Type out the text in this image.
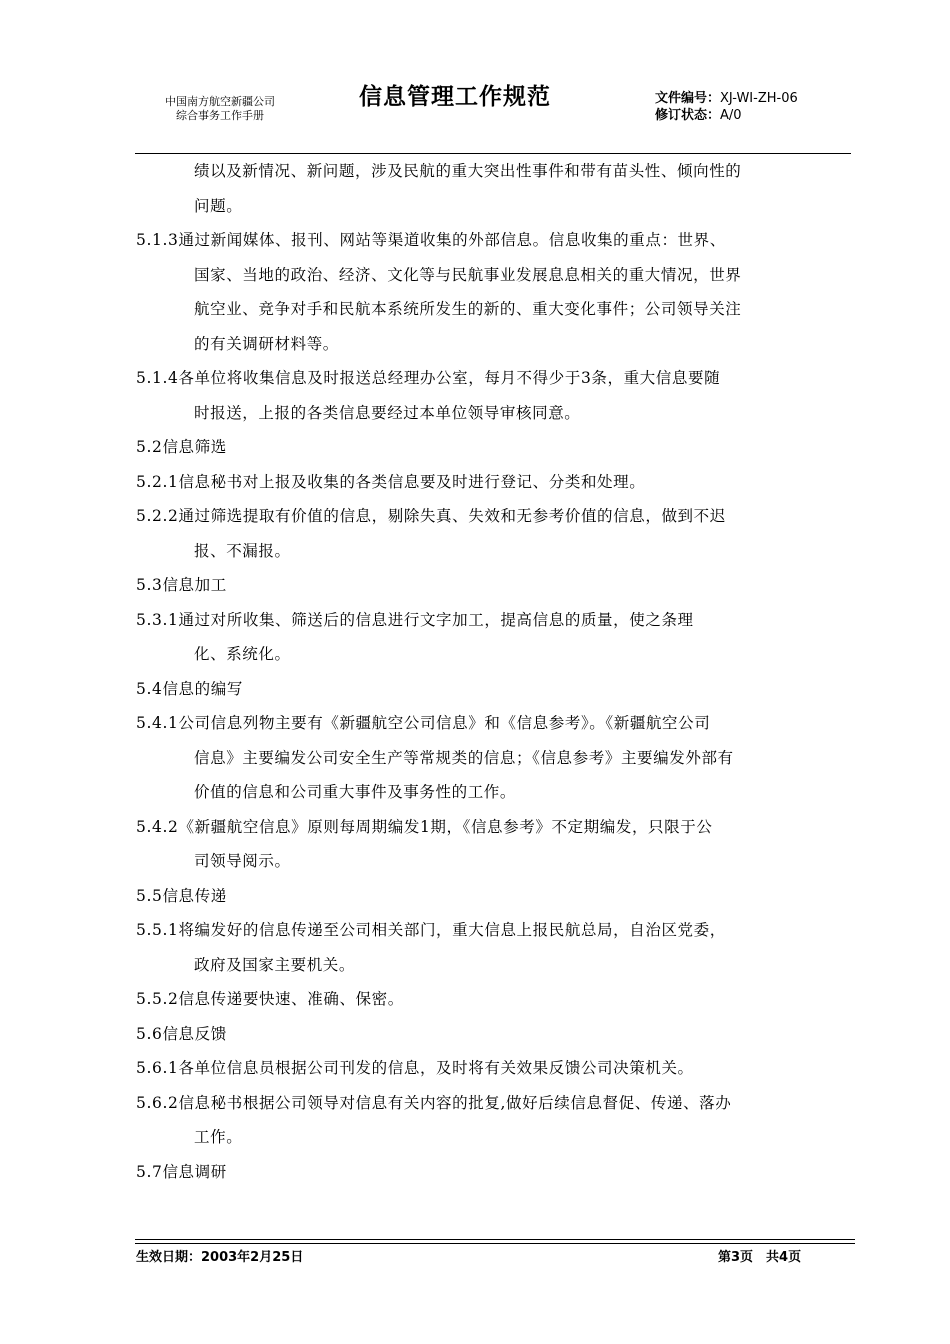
中国南方航空新疆公司
综合事务工作手册
信息管理工作规范	文件编号：XJ-WI-ZH-06
修订状态：A/0
绩以及新情况、新问题，涉及民航的重大突出性事件和带有苗头性、倾向性的
问题。
5.1.3通过新闻媒体、报刊、网站等渠道收集的外部信息。信息收集的重点：世界、
国家、当地的政治、经济、文化等与民航事业发展息息相关的重大情况，世界
航空业、竞争对手和民航本系统所发生的新的、重大变化事件；公司领导关注
的有关调研材料等。
5.1.4各单位将收集信息及时报送总经理办公室，每月不得少于3条，重大信息要随
时报送，上报的各类信息要经过本单位领导审核同意。
5.2信息筛选
5.2.1信息秘书对上报及收集的各类信息要及时进行登记、分类和处理。
5.2.2通过筛选提取有价值的信息，剔除失真、失效和无参考价值的信息，做到不迟
报、不漏报。
5.3信息加工
5.3.1通过对所收集、筛送后的信息进行文字加工，提高信息的质量，使之条理
化、系统化。
5.4信息的编写
5.4.1公司信息列物主要有《新疆航空公司信息》和《信息参考》。《新疆航空公司
信息》主要编发公司安全生产等常规类的信息；《信息参考》主要编发外部有
价值的信息和公司重大事件及事务性的工作。
5.4.2《新疆航空信息》原则每周期编发1期，《信息参考》不定期编发，只限于公
司领导阅示。
5.5信息传递
5.5.1将编发好的信息传递至公司相关部门，重大信息上报民航总局，自治区党委，
政府及国家主要机关。
5.5.2信息传递要快速、准确、保密。
5.6信息反馈
5.6.1各单位信息员根据公司刊发的信息，及时将有关效果反馈公司决策机关。
5.6.2信息秘书根据公司领导对信息有关内容的批复,做好后续信息督促、传递、落办
工作。
5.7信息调研
生效日期：2003年2月25日	第3页　共4页
